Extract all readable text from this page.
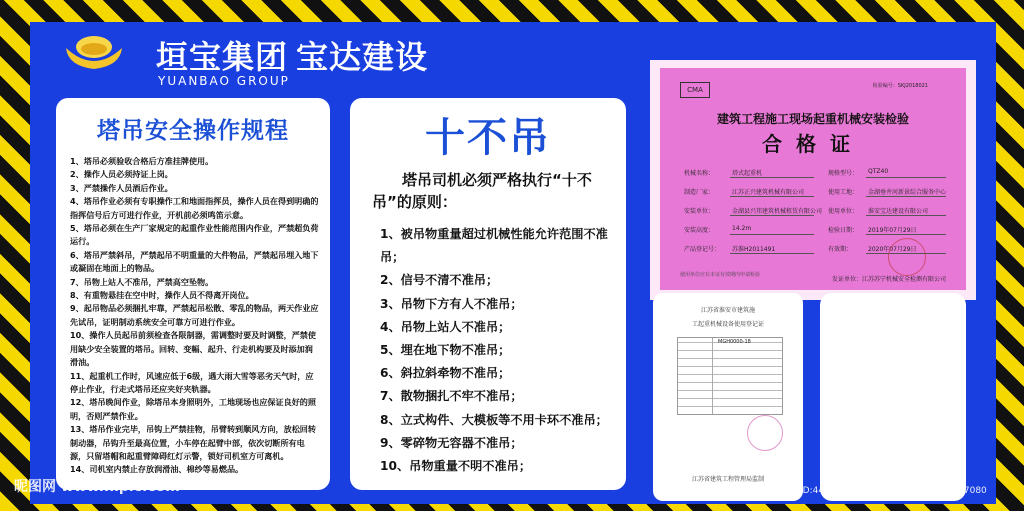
垣宝集团 宝达建设
YUANBAO GROUP
塔吊安全操作规程
1、塔吊必须验收合格后方准挂牌使用。
2、操作人员必须持证上岗。
3、严禁操作人员酒后作业。
4、塔吊作业必须有专职操作工和地面指挥员，操作人员在得到明确的指挥信号后方可进行作业，开机前必须鸣笛示意。
5、塔吊必须在生产厂家规定的起重作业性能范围内作业，严禁超负荷运行。
6、塔吊严禁斜吊，严禁起吊不明重量的大件物品，严禁起吊埋入地下或凝固在地面上的物品。
7、吊物上站人不准吊，严禁高空坠物。
8、有重物悬挂在空中时，操作人员不得离开岗位。
9、起吊物品必须捆扎牢靠，严禁起吊松散、零乱的物品，两天作业应先试吊，证明制动系统安全可靠方可进行作业。
10、操作人员起吊前须检查各限制器，需调整时要及时调整，严禁使用缺少安全装置的塔吊。回转、变幅、起升、行走机构要及时添加润滑油。
11、起重机工作时，风速应低于6级，遇大雨大雪等恶劣天气时，应停止作业，行走式塔吊还应夹好夹轨器。
12、塔吊晚间作业，除塔吊本身照明外，工地现场也应保证良好的照明，否则严禁作业。
13、塔吊作业完毕，吊钩上严禁挂物，吊臂转到顺风方向，放松回转制动器，吊钩升至最高位置，小车停在起臂中部，依次切断所有电源，只留塔帽和起重臂障碍红灯示警，锁好司机室方可离机。
14、司机室内禁止存放润滑油、棉纱等易燃品。
十不吊

塔吊司机必须严格执行“十不吊”的原则：

1、被吊物重量超过机械性能允许范围不准吊；
2、信号不清不准吊；
3、吊物下方有人不准吊；
4、吊物上站人不准吊；
5、埋在地下物不准吊；
6、斜拉斜牵物不准吊；
7、散物捆扎不牢不准吊；
8、立式构件、大模板等不用卡环不准吊；
9、零碎物无容器不准吊；
10、吊物重量不明不准吊；
CMA	检验编号：SKJ2018021
建筑工程施工现场起重机械安装检验
合格证
机械名称：	塔式起重机	规格型号： QTZ40
制造厂家：	江苏正兴建筑机械有限公司	使用工地： 金湖垂井河新景综合服务中心
安装单位：	金湖县兴邦建筑机械租赁有限公司 使用单位： 淮安宝达建设有限公司
安装高度：	14.2m	检验日期： 2019年07月29日
产品登记号： 苏淮H2011491	有效期：	2020年07月29日
使用单位应在本证有效期内申请检验
发证单位：江苏苏宁机械安全检测有限公司
江苏省淮安市建筑施
工起重机械设备使用登记证
MGH0000-18
江苏省建筑工程管理局监制
昵图网 www.nipic.com	ID:4470807 NO:20191214160601297080
